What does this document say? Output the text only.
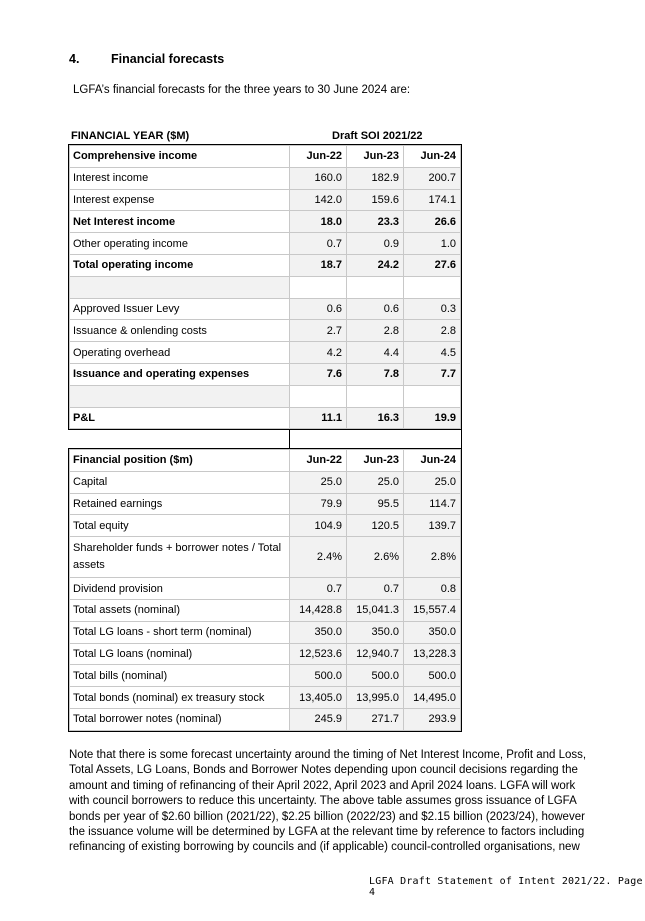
4.	Financial forecasts
LGFA’s financial forecasts for the three years to 30 June 2024 are:
FINANCIAL YEAR ($M)	Draft SOI 2021/22
Comprehensive income	Jun-22	Jun-23	Jun-24
Interest income	160.0	182.9	200.7
Interest expense	142.0	159.6	174.1
Net Interest income	18.0	23.3	26.6
Other operating income	0.7	0.9	1.0
Total operating income	18.7	24.2	27.6

Approved Issuer Levy	0.6	0.6	0.3
Issuance & onlending costs	2.7	2.8	2.8
Operating overhead	4.2	4.4	4.5
Issuance and operating expenses	7.6	7.8	7.7

P&L	11.1	16.3	19.9
Financial position ($m)	Jun-22	Jun-23	Jun-24
Capital	25.0	25.0	25.0
Retained earnings	79.9	95.5	114.7
Total equity	104.9	120.5	139.7
Shareholder funds + borrower notes / Total assets	2.4%	2.6%	2.8%
Dividend provision	0.7	0.7	0.8
Total assets (nominal)	14,428.8	15,041.3	15,557.4
Total LG loans - short term (nominal)	350.0	350.0	350.0
Total LG loans (nominal)	12,523.6	12,940.7	13,228.3
Total bills (nominal)	500.0	500.0	500.0
Total bonds (nominal) ex treasury stock	13,405.0	13,995.0	14,495.0
Total borrower notes (nominal)	245.9	271.7	293.9
Note that there is some forecast uncertainty around the timing of Net Interest Income, Profit and Loss, Total Assets, LG Loans, Bonds and Borrower Notes depending upon council decisions regarding the amount and timing of refinancing of their April 2022, April 2023 and April 2024 loans. LGFA will work with council borrowers to reduce this uncertainty. The above table assumes gross issuance of LGFA bonds per year of $2.60 billion (2021/22), $2.25 billion (2022/23) and $2.15 billion (2023/24), however the issuance volume will be determined by LGFA at the relevant time by reference to factors including refinancing of existing borrowing by councils and (if applicable) council-controlled organisations, new
LGFA Draft Statement of Intent 2021/22. Page 4
